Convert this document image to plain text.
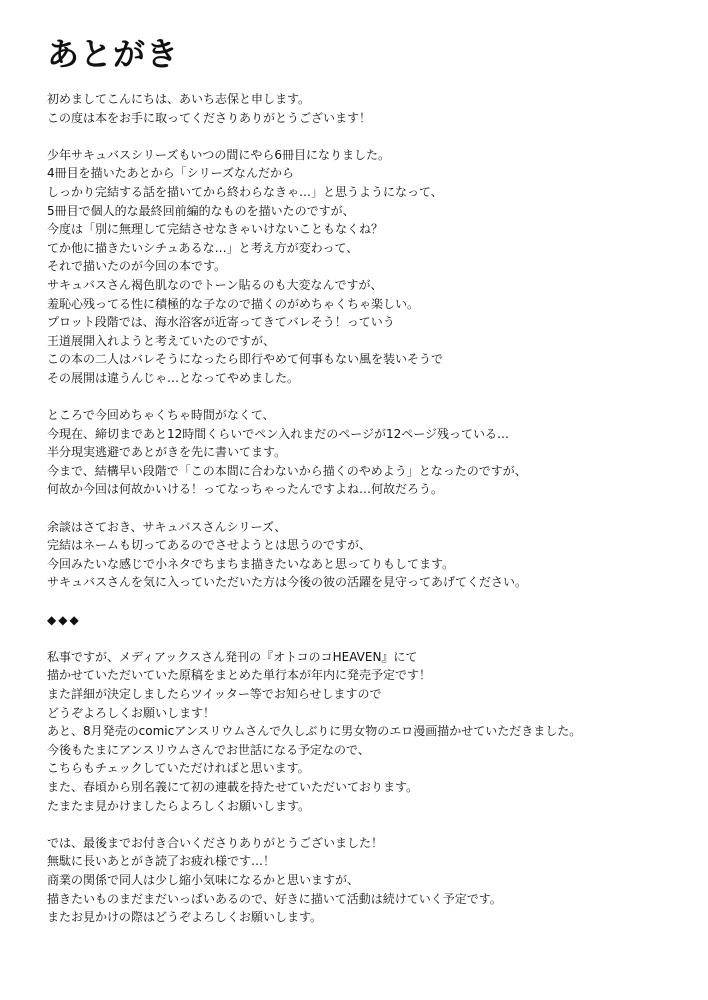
あとがき
初めましてこんにちは、あいち志保と申します。
この度は本をお手に取ってくださりありがとうございます！
少年サキュバスシリーズもいつの間にやら6冊目になりました。
4冊目を描いたあとから「シリーズなんだから
しっかり完結する話を描いてから終わらなきゃ…」と思うようになって、
5冊目で個人的な最終回前編的なものを描いたのですが、
今度は「別に無理して完結させなきゃいけないこともなくね？
てか他に描きたいシチュあるな…」と考え方が変わって、
それで描いたのが今回の本です。
サキュバスさん褐色肌なのでトーン貼るのも大変なんですが、
羞恥心残ってる性に積極的な子なので描くのがめちゃくちゃ楽しい。
プロット段階では、海水浴客が近寄ってきてバレそう！っていう
王道展開入れようと考えていたのですが、
この本の二人はバレそうになったら即行やめて何事もない風を装いそうで
その展開は違うんじゃ…となってやめました。
ところで今回めちゃくちゃ時間がなくて、
今現在、締切まであと12時間くらいでペン入れまだのページが12ページ残っている…
半分現実逃避であとがきを先に書いてます。
今まで、結構早い段階で「この本間に合わないから描くのやめよう」となったのですが、
何故か今回は何故かいける！ってなっちゃったんですよね…何故だろう。
余談はさておき、サキュバスさんシリーズ、
完結はネームも切ってあるのでさせようとは思うのですが、
今回みたいな感じで小ネタでちまちま描きたいなあと思ってりもしてます。
サキュバスさんを気に入っていただいた方は今後の彼の活躍を見守ってあげてください。
◆◆◆
私事ですが、メディアックスさん発刊の『オトコのコHEAVEN』にて
描かせていただいていた原稿をまとめた単行本が年内に発売予定です！
また詳細が決定しましたらツイッター等でお知らせしますので
どうぞよろしくお願いします！
あと、8月発売のcomicアンスリウムさんで久しぶりに男女物のエロ漫画描かせていただきました。
今後もたまにアンスリウムさんでお世話になる予定なので、
こちらもチェックしていただければと思います。
また、春頃から別名義にて初の連載を持たせていただいております。
たまたま見かけましたらよろしくお願いします。
では、最後までお付き合いくださりありがとうございました！
無駄に長いあとがき読了お疲れ様です…！
商業の関係で同人は少し縮小気味になるかと思いますが、
描きたいものまだまだいっぱいあるので、好きに描いて活動は続けていく予定です。
またお見かけの際はどうぞよろしくお願いします。
